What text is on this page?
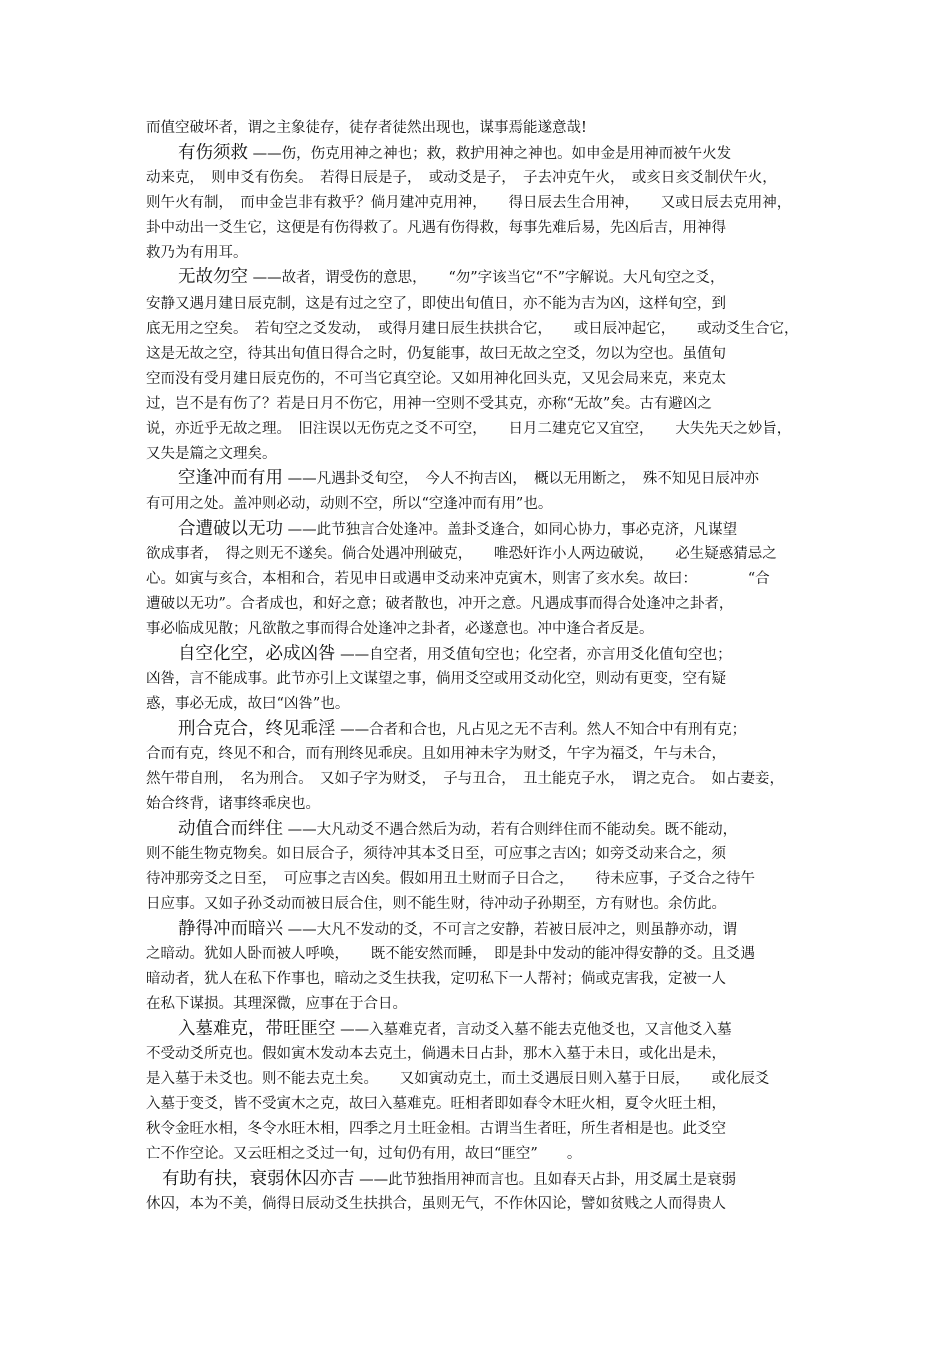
而值空破坏者，谓之主象徒存，徒存者徒然出现也，谋事焉能遂意哉!
有伤须救 ——伤，伤克用神之神也；救，救护用神之神也。如申金是用神而被午火发
动来克，　则申爻有伤矣。　若得日辰是子，　或动爻是子，　子去冲克午火，　或亥日亥爻制伏午火，
则午火有制，　而申金岂非有救乎？倘月建冲克用神，　　得日辰去生合用神，　　又或日辰去克用神，
卦中动出一爻生它，这便是有伤得救了。凡遇有伤得救，每事先难后易，先凶后吉，用神得
救乃为有用耳。
无故勿空 ——故者，谓受伤的意思，　　“勿”字该当它“不”字解说。大凡旬空之爻，
安静又遇月建日辰克制，这是有过之空了，即使出旬值日，亦不能为吉为凶，这样旬空，到
底无用之空矣。　若旬空之爻发动，　或得月建日辰生扶拱合它，　　或日辰冲起它，　　或动爻生合它，
这是无故之空，待其出旬值日得合之时，仍复能事，故曰无故之空爻，勿以为空也。虽值旬
空而没有受月建日辰克伤的，不可当它真空论。又如用神化回头克，又见会局来克，来克太
过，岂不是有伤了？若是日月不伤它，用神一空则不受其克，亦称“无故”矣。古有避凶之
说，亦近乎无故之理。　旧注误以无伤克之爻不可空，　　日月二建克它又宜空，　　大失先天之妙旨，
又失是篇之文理矣。
空逢冲而有用 ——凡遇卦爻旬空，　今人不拘吉凶，　概以无用断之，　殊不知见日辰冲亦
有可用之处。盖冲则必动，动则不空，所以“空逢冲而有用”也。
合遭破以无功 ——此节独言合处逢冲。盖卦爻逢合，如同心协力，事必克济，凡谋望
欲成事者，　得之则无不遂矣。倘合处遇冲刑破克，　　唯恐奸诈小人两边破说，　　必生疑惑猜忌之
心。如寅与亥合，本相和合，若见申日或遇申爻动来冲克寅木，则害了亥水矣。故曰：　　　　“合
遭破以无功”。合者成也，和好之意；破者散也，冲开之意。凡遇成事而得合处逢冲之卦者，
事必临成见散；凡欲散之事而得合处逢冲之卦者，必遂意也。冲中逢合者反是。
自空化空，必成凶咎 ——自空者，用爻值旬空也；化空者，亦言用爻化值旬空也；
凶咎，言不能成事。此节亦引上文谋望之事，倘用爻空或用爻动化空，则动有更变，空有疑
惑，事必无成，故曰“凶咎”也。
刑合克合，终见乖淫 ——合者和合也，凡占见之无不吉利。然人不知合中有刑有克；
合而有克，终见不和合，而有刑终见乖戾。且如用神未字为财爻，午字为福爻，午与未合，
然午带自刑，　名为刑合。　又如子字为财爻，　子与丑合，　丑土能克子水，　谓之克合。　如占妻妾，
始合终背，诸事终乖戾也。
动值合而绊住 ——大凡动爻不遇合然后为动，若有合则绊住而不能动矣。既不能动，
则不能生物克物矣。如日辰合子，须待冲其本爻日至，可应事之吉凶；如旁爻动来合之，须
待冲那旁爻之日至，　可应事之吉凶矣。假如用丑土财而子日合之，　　待未应事，子爻合之待午
日应事。又如子孙爻动而被日辰合住，则不能生财，待冲动子孙期至，方有财也。余仿此。
静得冲而暗兴 ——大凡不发动的爻，不可言之安静，若被日辰冲之，则虽静亦动，谓
之暗动。犹如人卧而被人呼唤，　　既不能安然而睡，　即是卦中发动的能冲得安静的爻。且爻遇
暗动者，犹人在私下作事也，暗动之爻生扶我，定叨私下一人帮衬；倘或克害我，定被一人
在私下谋损。其理深微，应事在于合日。
入墓难克，带旺匪空 ——入墓难克者，言动爻入墓不能去克他爻也，又言他爻入墓
不受动爻所克也。假如寅木发动本去克土，倘遇未日占卦，那木入墓于未日，或化出是未，
是入墓于未爻也。则不能去克土矣。　　又如寅动克土，而土爻遇辰日则入墓于日辰，　　或化辰爻
入墓于变爻，皆不受寅木之克，故曰入墓难克。旺相者即如春令木旺火相，夏令火旺土相，
秋令金旺水相，冬令水旺木相，四季之月土旺金相。古谓当生者旺，所生者相是也。此爻空
亡不作空论。又云旺相之爻过一旬，过旬仍有用，故曰“匪空”　　。
有助有扶，衰弱休囚亦吉 ——此节独指用神而言也。且如春天占卦，用爻属土是衰弱
休囚，本为不美，倘得日辰动爻生扶拱合，虽则无气，不作休囚论，譬如贫贱之人而得贵人
